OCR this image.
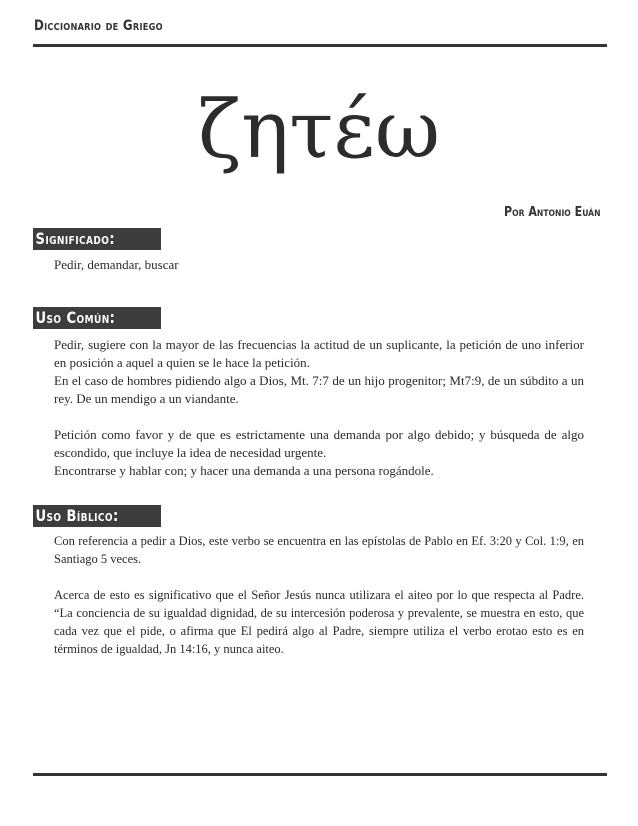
Diccionario de Griego
ζητέω
Por Antonio Euán
Significado:

Pedir, demandar, buscar

Uso Común:

Pedir, sugiere con la mayor de las frecuencias la actitud de un suplicante, la petición de uno inferior en posición a aquel a quien se le hace la petición.

En el caso de hombres pidiendo algo a Dios, Mt. 7:7 de un hijo progenitor; Mt7:9, de un súbdito a un rey. De un mendigo a un viandante.

Petición como favor y de que es estrictamente una demanda por algo debido; y búsqueda de algo escondido, que incluye la idea de necesidad urgente.

Encontrarse y hablar con; y hacer una demanda a una persona rogándole.

Uso Bíblico:

Con referencia a pedir a Dios, este verbo se encuentra en las epístolas de Pablo en Ef. 3:20 y Col. 1:9, en Santiago 5 veces.

Acerca de esto es significativo que el Señor Jesús nunca utilizara el aiteo por lo que respecta al Padre. “La conciencia de su igualdad dignidad, de su intercesión poderosa y prevalente, se muestra en esto, que cada vez que el pide, o afirma que El pedirá algo al Padre, siempre utiliza el verbo erotao esto es en términos de igualdad, Jn 14:16, y nunca aiteo.
